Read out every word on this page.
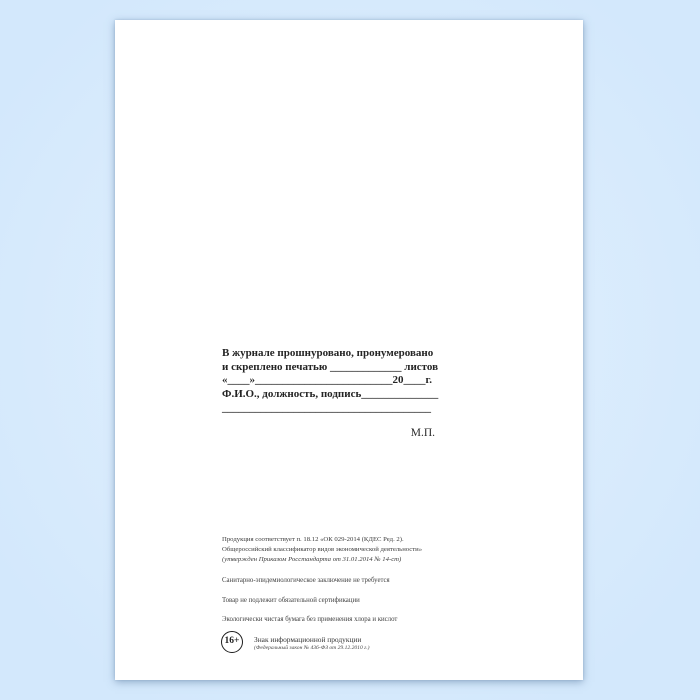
В журнале прошнуровано, пронумеровано
и скреплено печатью _____________ листов
«____»_________________________20____г.
Ф.И.О., должность, подпись______________
______________________________________
М.П.
Продукция соответствует п. 18.12 «ОК 029-2014 (КДЕС Ред. 2).
Общероссийский классификатор видов экономической деятельности»
(утвержден Приказом Росстандарта от 31.01.2014 № 14-ст)
Санитарно-эпидемиологическое заключение не требуется
Товар не подлежит обязательной сертификации
Экологически чистая бумага без применения хлора и кислот
16+	Знак информационной продукции
(Федеральный закон № 436-ФЗ от 29.12.2010 г.)
